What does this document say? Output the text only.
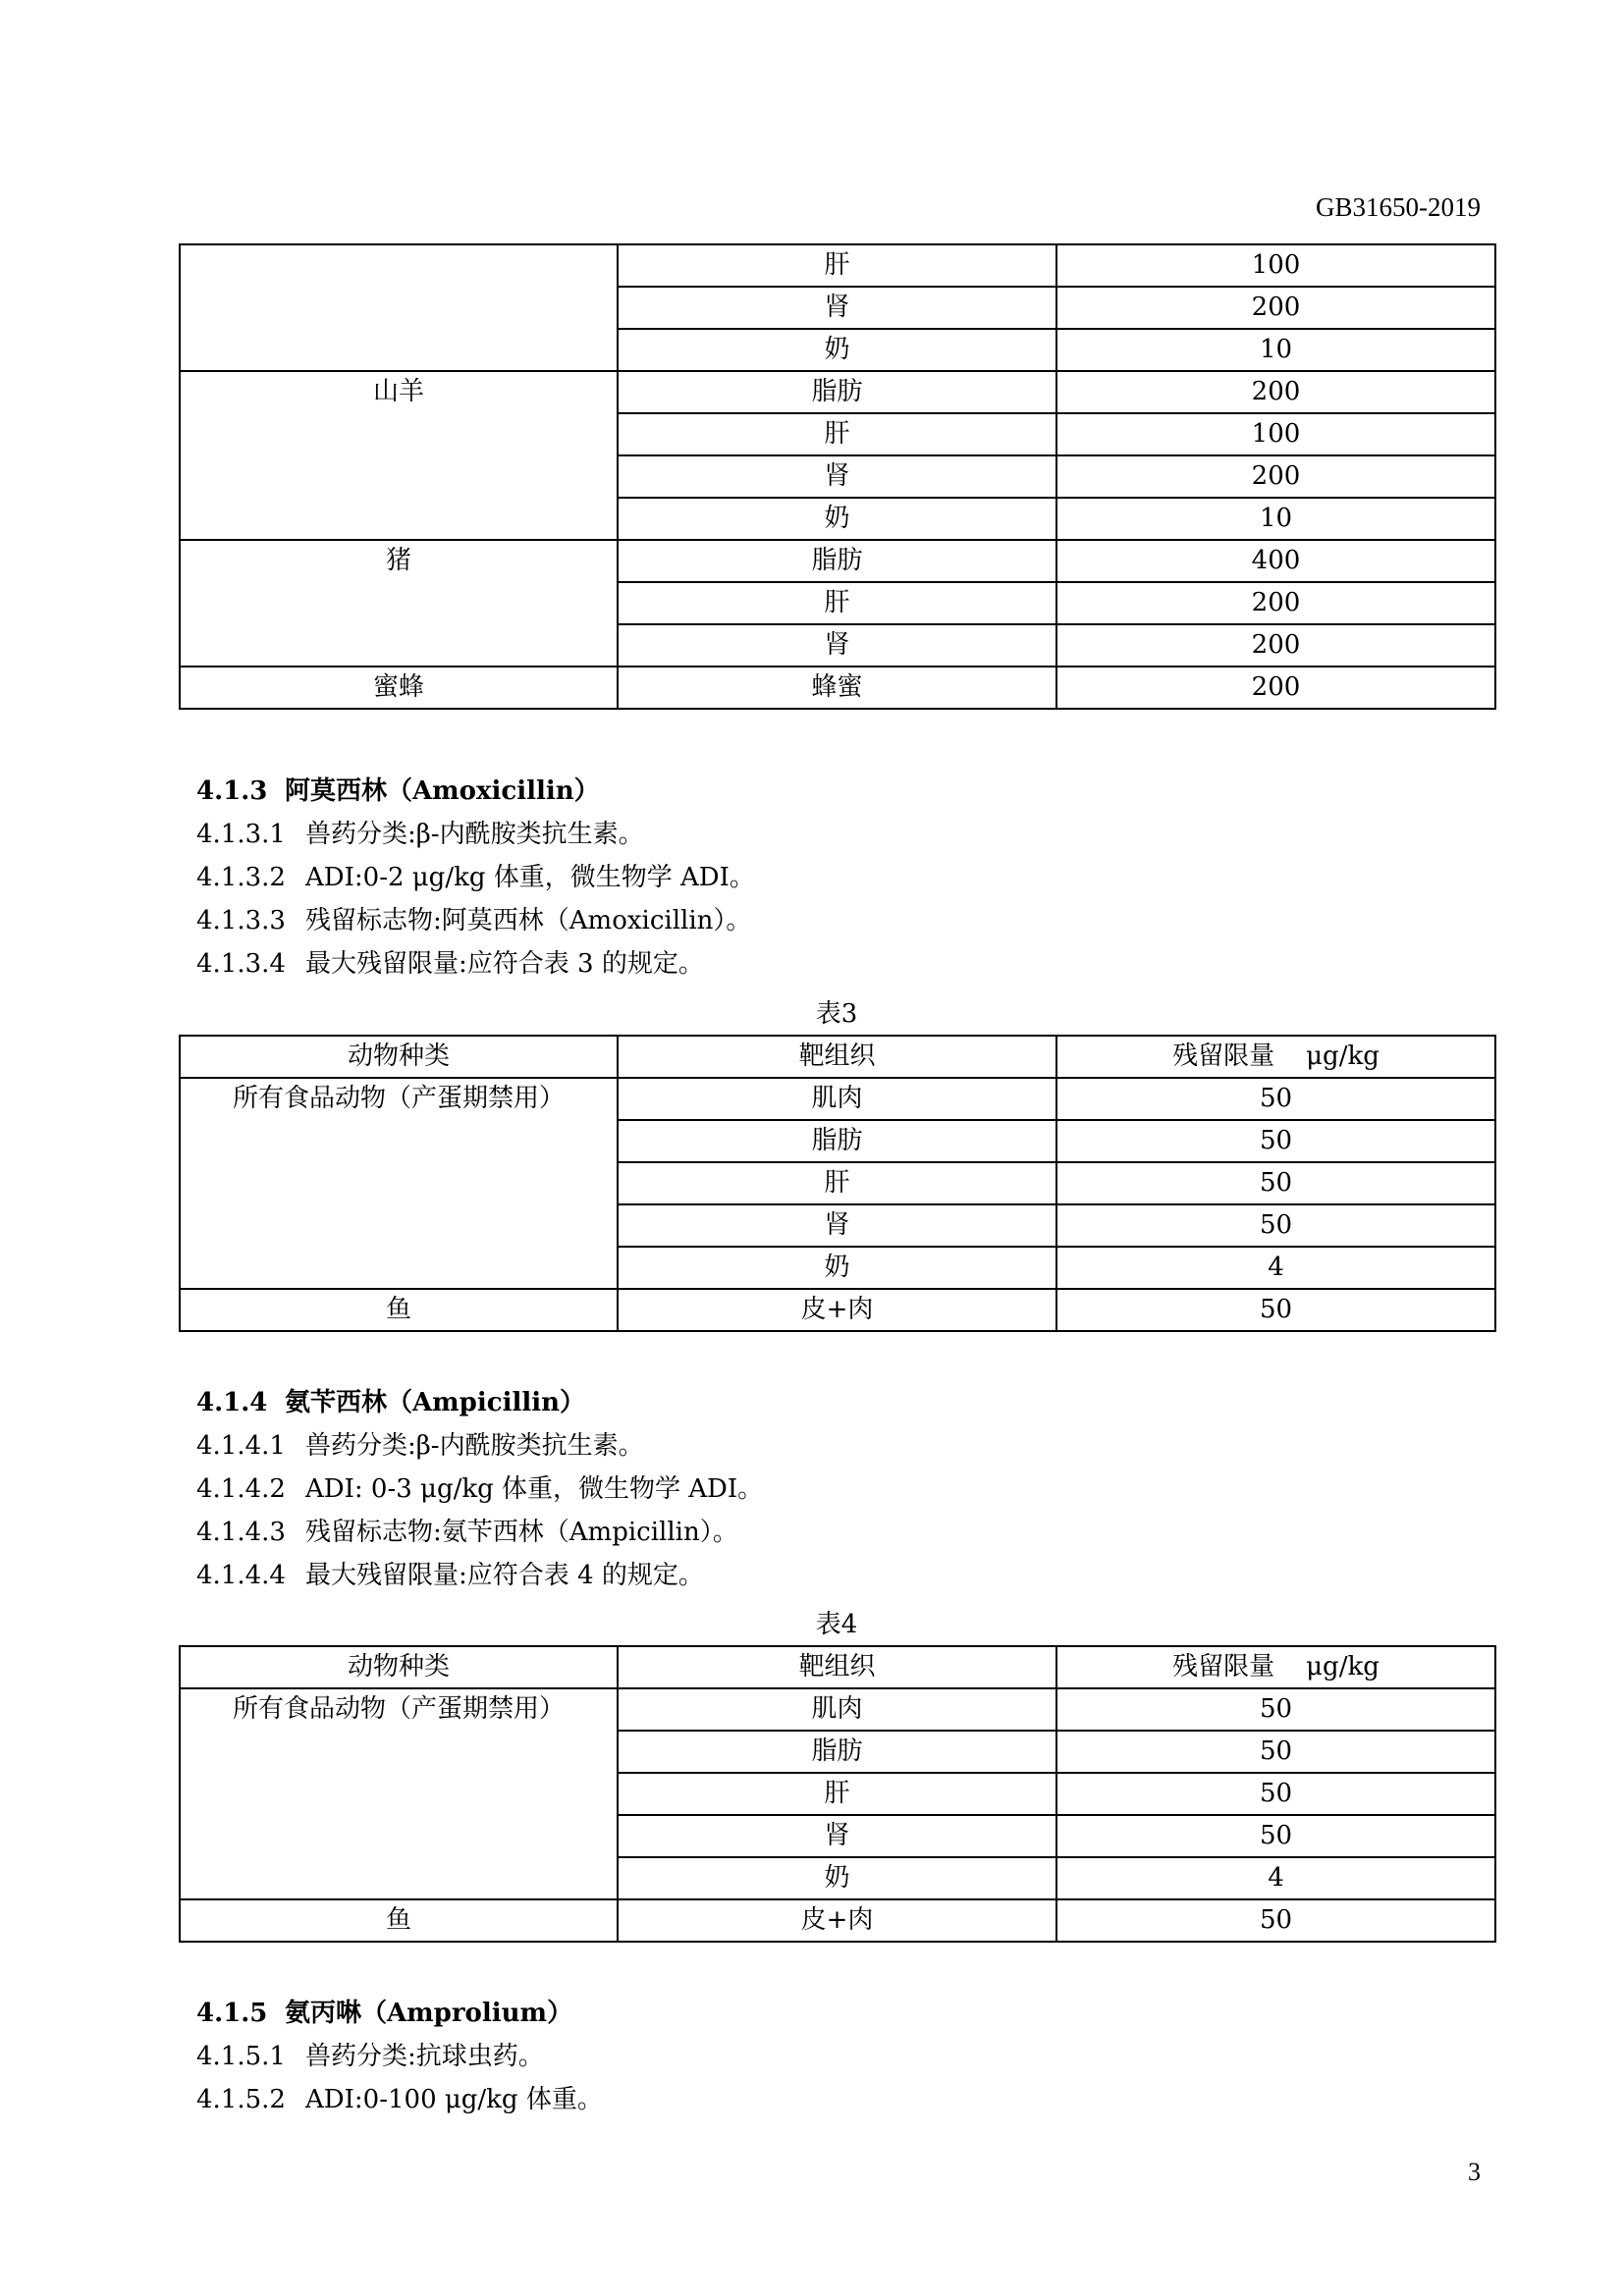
GB31650-2019
	肝	100
	肾	200
	奶	10
山羊	脂肪	200
	肝	100
	肾	200
	奶	10
猪	脂肪	400
	肝	200
	肾	200
蜜蜂	蜂蜜	200
4.1.3 阿莫西林（Amoxicillin）
4.1.3.1 兽药分类:β-内酰胺类抗生素。
4.1.3.2 ADI:0-2 μg/kg 体重，微生物学 ADI。
4.1.3.3 残留标志物:阿莫西林（Amoxicillin）。
4.1.3.4 最大残留限量:应符合表 3 的规定。
表3
动物种类	靶组织	残留限量 μg/kg
所有食品动物（产蛋期禁用）	肌肉	50
	脂肪	50
	肝	50
	肾	50
	奶	4
鱼	皮+肉	50
4.1.4 氨苄西林（Ampicillin）
4.1.4.1 兽药分类:β-内酰胺类抗生素。
4.1.4.2 ADI: 0-3 μg/kg 体重，微生物学 ADI。
4.1.4.3 残留标志物:氨苄西林（Ampicillin）。
4.1.4.4 最大残留限量:应符合表 4 的规定。
表4
动物种类	靶组织	残留限量 μg/kg
所有食品动物（产蛋期禁用）	肌肉	50
	脂肪	50
	肝	50
	肾	50
	奶	4
鱼	皮+肉	50
4.1.5 氨丙啉（Amprolium）
4.1.5.1 兽药分类:抗球虫药。
4.1.5.2 ADI:0-100 μg/kg 体重。
3
